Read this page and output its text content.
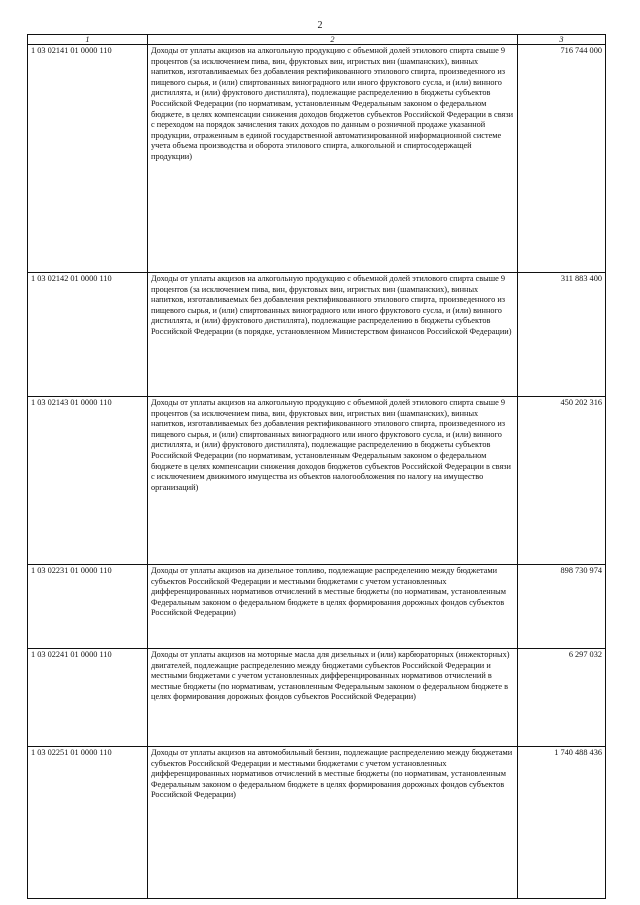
2
1	2	3
1 03 02141 01 0000 110	Доходы от уплаты акцизов на алкогольную продукцию с объемной долей этилового спирта свыше 9 процентов (за исключением пива, вин, фруктовых вин, игристых вин (шампанских), винных напитков, изготавливаемых без добавления ректификованного этилового спирта, произведенного из пищевого сырья, и (или) спиртованных виноградного или иного фруктового сусла, и (или) винного дистиллята, и (или) фруктового дистиллята), подлежащие распределению в бюджеты субъектов Российской Федерации (по нормативам, установленным Федеральным законом о федеральном бюджете, в целях компенсации снижения доходов бюджетов субъектов Российской Федерации в связи с переходом на порядок зачисления таких доходов по данным о розничной продаже указанной продукции, отраженным в единой государственной автоматизированной информационной системе учета объема производства и оборота этилового спирта, алкогольной и спиртосодержащей продукции)	716 744 000
1 03 02142 01 0000 110	Доходы от уплаты акцизов на алкогольную продукцию с объемной долей этилового спирта свыше 9 процентов (за исключением пива, вин, фруктовых вин, игристых вин (шампанских), винных напитков, изготавливаемых без добавления ректификованного этилового спирта, произведенного из пищевого сырья, и (или) спиртованных виноградного или иного фруктового сусла, и (или) винного дистиллята, и (или) фруктового дистиллята), подлежащие распределению в бюджеты субъектов Российской Федерации (в порядке, установленном Министерством финансов Российской Федерации)	311 883 400
1 03 02143 01 0000 110	Доходы от уплаты акцизов на алкогольную продукцию с объемной долей этилового спирта свыше 9 процентов (за исключением пива, вин, фруктовых вин, игристых вин (шампанских), винных напитков, изготавливаемых без добавления ректификованного этилового спирта, произведенного из пищевого сырья, и (или) спиртованных виноградного или иного фруктового сусла, и (или) винного дистиллята, и (или) фруктового дистиллята), подлежащие распределению в бюджеты субъектов Российской Федерации (по нормативам, установленным Федеральным законом о федеральном бюджете в целях компенсации снижения доходов бюджетов субъектов Российской Федерации в связи с исключением движимого имущества из объектов налогообложения по налогу на имущество организаций)	450 202 316
1 03 02231 01 0000 110	Доходы от уплаты акцизов на дизельное топливо, подлежащие распределению между бюджетами субъектов Российской Федерации и местными бюджетами с учетом установленных дифференцированных нормативов отчислений в местные бюджеты (по нормативам, установленным Федеральным законом о федеральном бюджете в целях формирования дорожных фондов субъектов Российской Федерации)	898 730 974
1 03 02241 01 0000 110	Доходы от уплаты акцизов на моторные масла для дизельных и (или) карбюраторных (инжекторных) двигателей, подлежащие распределению между бюджетами субъектов Российской Федерации и местными бюджетами с учетом установленных дифференцированных нормативов отчислений в местные бюджеты (по нормативам, установленным Федеральным законом о федеральном бюджете в целях формирования дорожных фондов субъектов Российской Федерации)	6 297 032
1 03 02251 01 0000 110	Доходы от уплаты акцизов на автомобильный бензин, подлежащие распределению между бюджетами субъектов Российской Федерации и местными бюджетами с учетом установленных дифференцированных нормативов отчислений в местные бюджеты (по нормативам, установленным Федеральным законом о федеральном бюджете в целях формирования дорожных фондов субъектов Российской Федерации)	1 740 488 436
